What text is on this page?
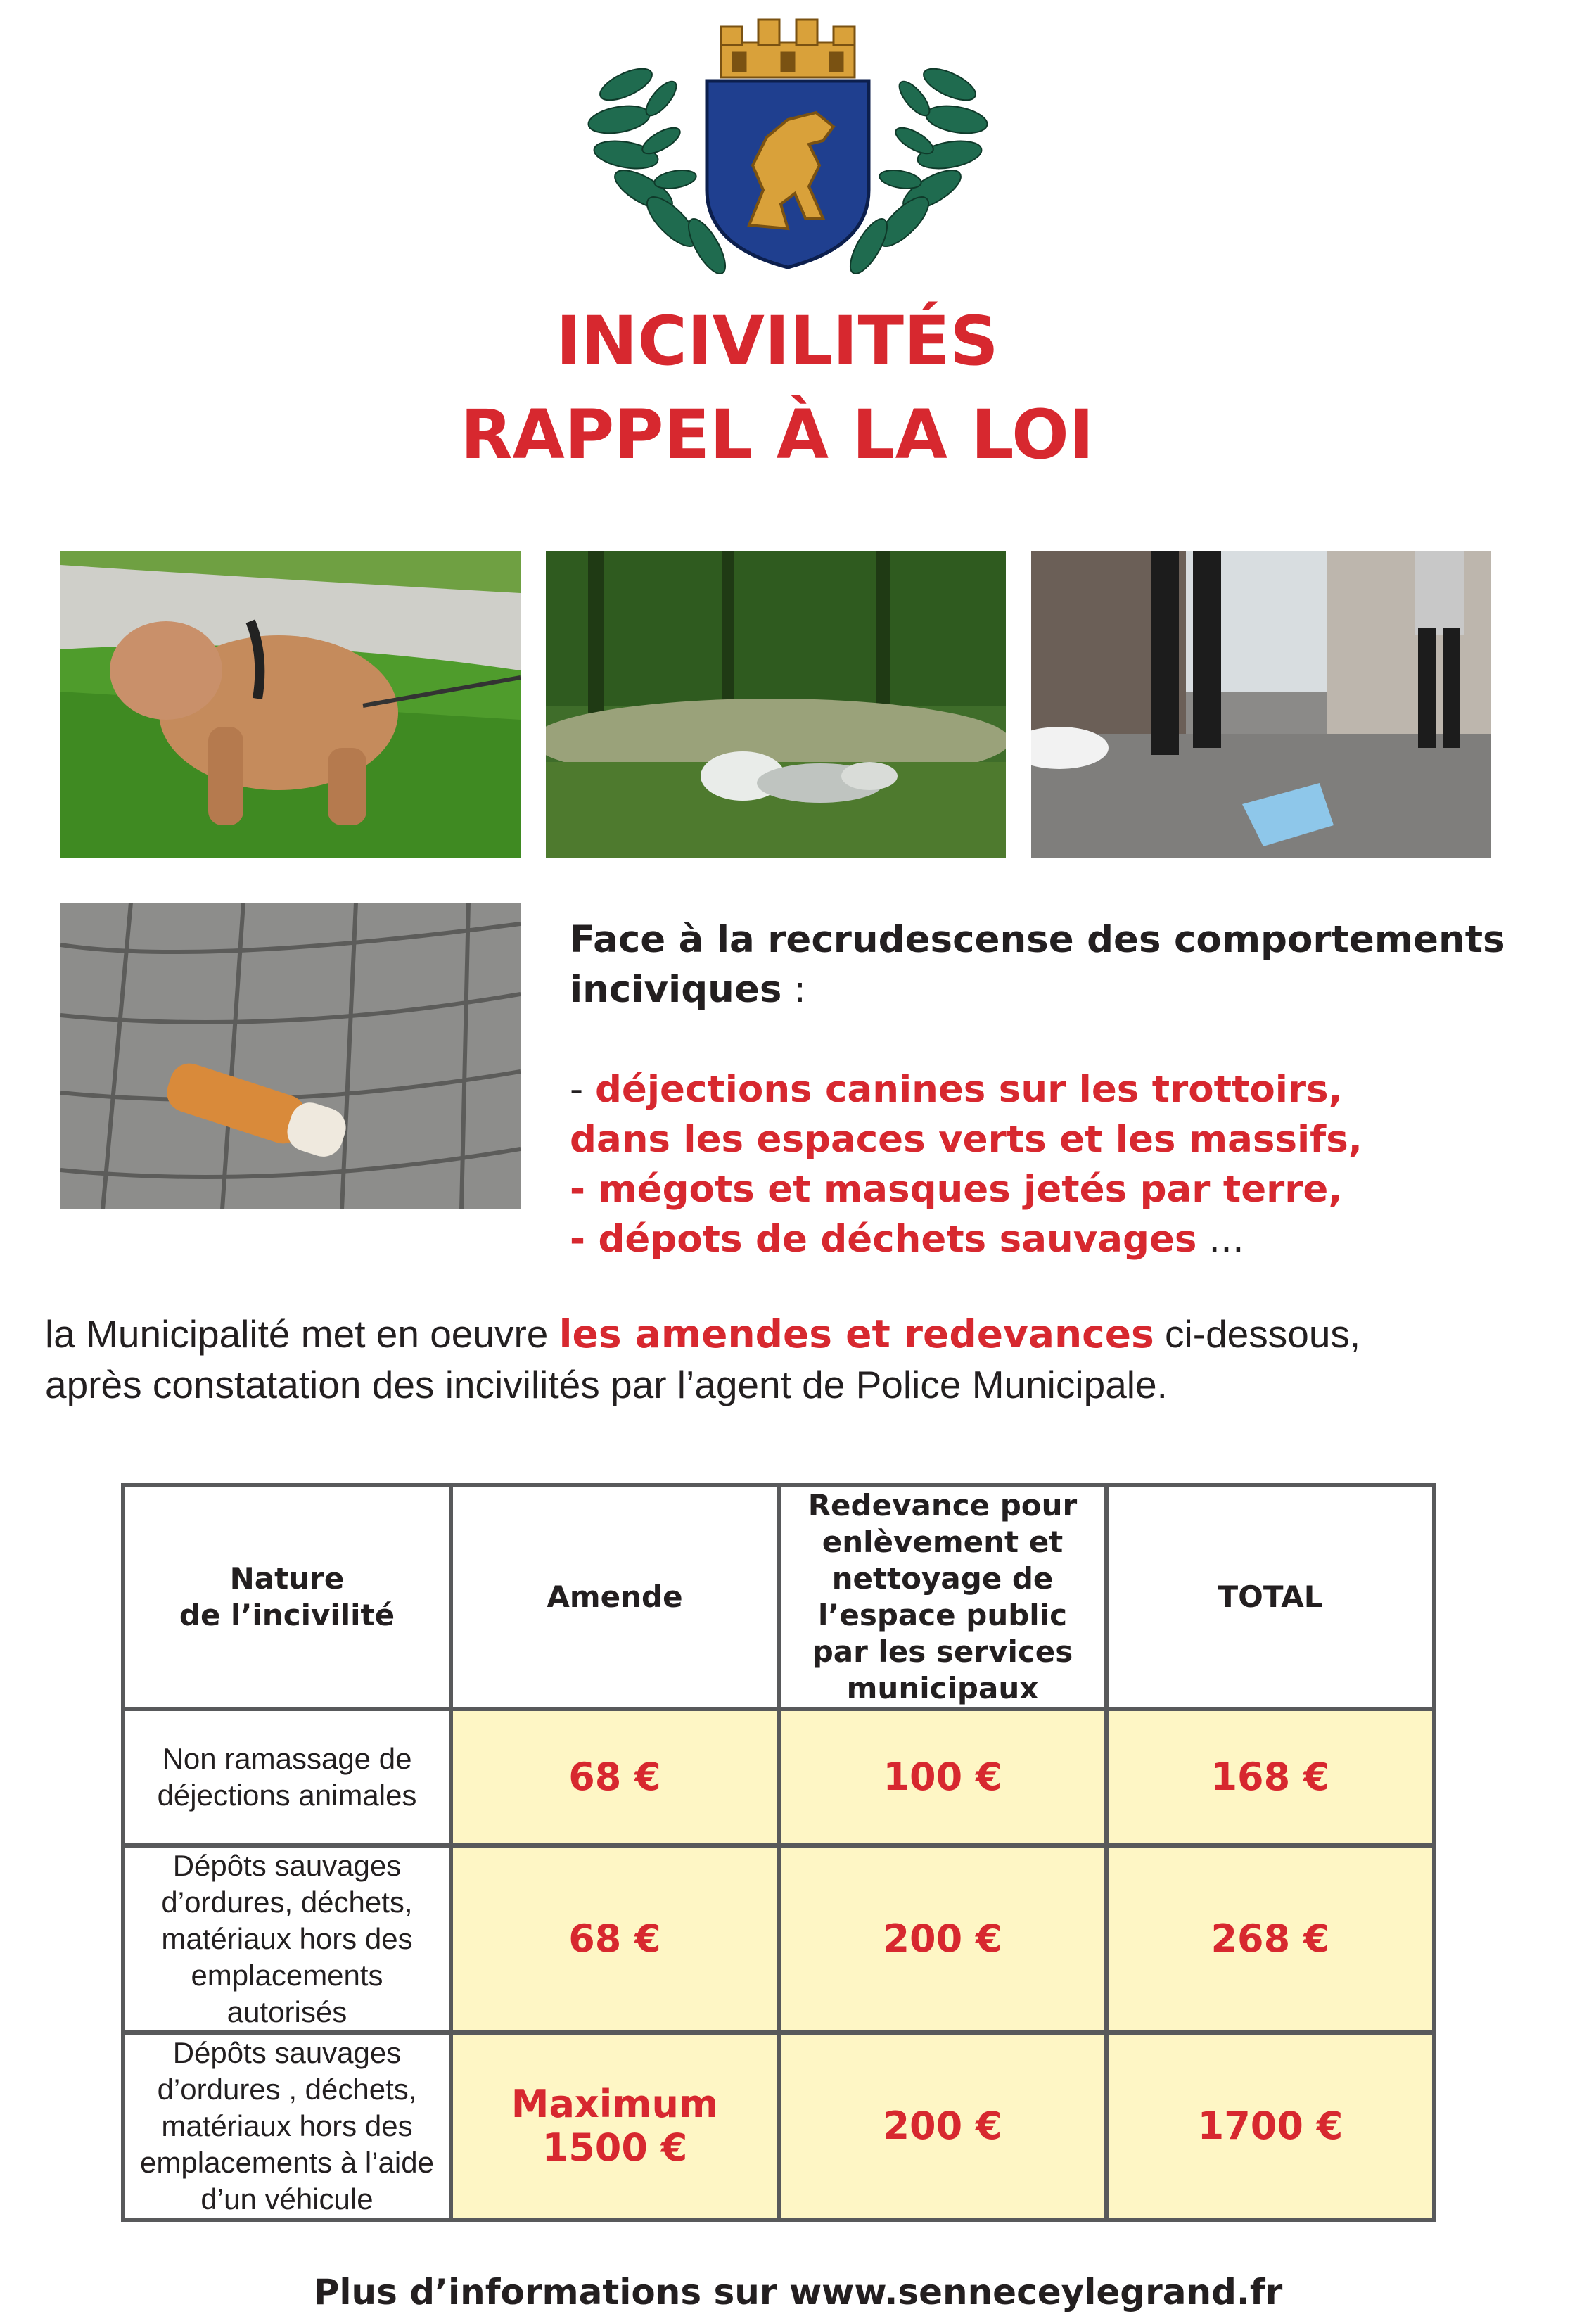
INCIVILITÉS
RAPPEL À LA LOI

Face à la recrudescense des comportements inciviques :

- déjections canines sur les trottoirs,

dans les espaces verts et les massifs,

- mégots et masques jetés par terre,

- dépots de déchets sauvages ...

la Municipalité met en oeuvre les amendes et redevances ci-dessous,
après constatation des incivilités par l’agent de Police Municipale.
Nature
de l’incivilité	Amende	Redevance pour enlèvement et nettoyage de l’espace public par les services municipaux	TOTAL
Non ramassage de déjections animales	68 €	100 €	168 €
Dépôts sauvages d’ordures, déchets, matériaux hors des emplacements autorisés	68 €	200 €	268 €
Dépôts sauvages d’ordures , déchets, matériaux hors des emplacements à l’aide d’un véhicule	Maximum 1500 €	200 €	1700 €
Plus d’informations sur www.senneceylegrand.fr
